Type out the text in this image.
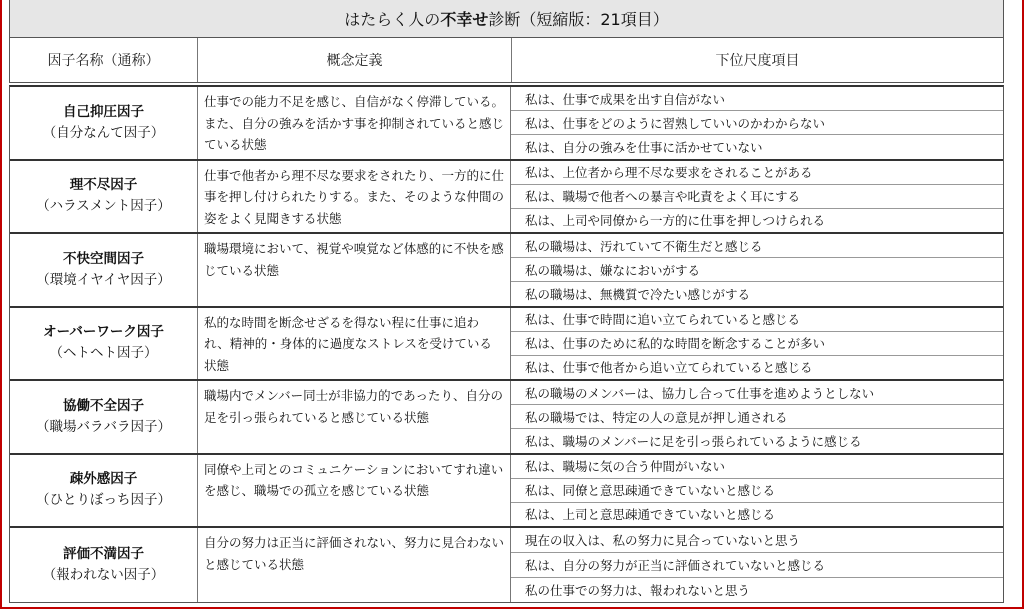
はたらく人の 不幸せ 診断（短縮版：21項目）
因子名称（通称）	概念定義	下位尺度項目
自己抑圧因子
（自分なんて因子）
仕事での能力不足を感じ、自信がなく停滞している。また、自分の強みを活かす事を抑制されていると感じている状態
私は、仕事で成果を出す自信がない
私は、仕事をどのように習熟していいのかわからない
私は、自分の強みを仕事に活かせていない
理不尽因子
（ハラスメント因子）
仕事で他者から理不尽な要求をされたり、一方的に仕事を押し付けられたりする。また、そのような仲間の姿をよく見聞きする状態
私は、上位者から理不尽な要求をされることがある
私は、職場で他者への暴言や叱責をよく耳にする
私は、上司や同僚から一方的に仕事を押しつけられる
不快空間因子
（環境イヤイヤ因子）
職場環境において、視覚や嗅覚など体感的に不快を感じている状態
私の職場は、汚れていて不衛生だと感じる
私の職場は、嫌なにおいがする
私の職場は、無機質で冷たい感じがする
オーバーワーク因子
（ヘトヘト因子）
私的な時間を断念せざるを得ない程に仕事に追われ、精神的・身体的に過度なストレスを受けている状態
私は、仕事で時間に追い立てられていると感じる
私は、仕事のために私的な時間を断念することが多い
私は、仕事で他者から追い立てられていると感じる
協働不全因子
（職場バラバラ因子）
職場内でメンバー同士が非協力的であったり、自分の足を引っ張られていると感じている状態
私の職場のメンバーは、協力し合って仕事を進めようとしない
私の職場では、特定の人の意見が押し通される
私は、職場のメンバーに足を引っ張られているように感じる
疎外感因子
（ひとりぼっち因子）
同僚や上司とのコミュニケーションにおいてすれ違いを感じ、職場での孤立を感じている状態
私は、職場に気の合う仲間がいない
私は、同僚と意思疎通できていないと感じる
私は、上司と意思疎通できていないと感じる
評価不満因子
（報われない因子）
自分の努力は正当に評価されない、努力に見合わないと感じている状態
現在の収入は、私の努力に見合っていないと思う
私は、自分の努力が正当に評価されていないと感じる
私の仕事での努力は、報われないと思う
